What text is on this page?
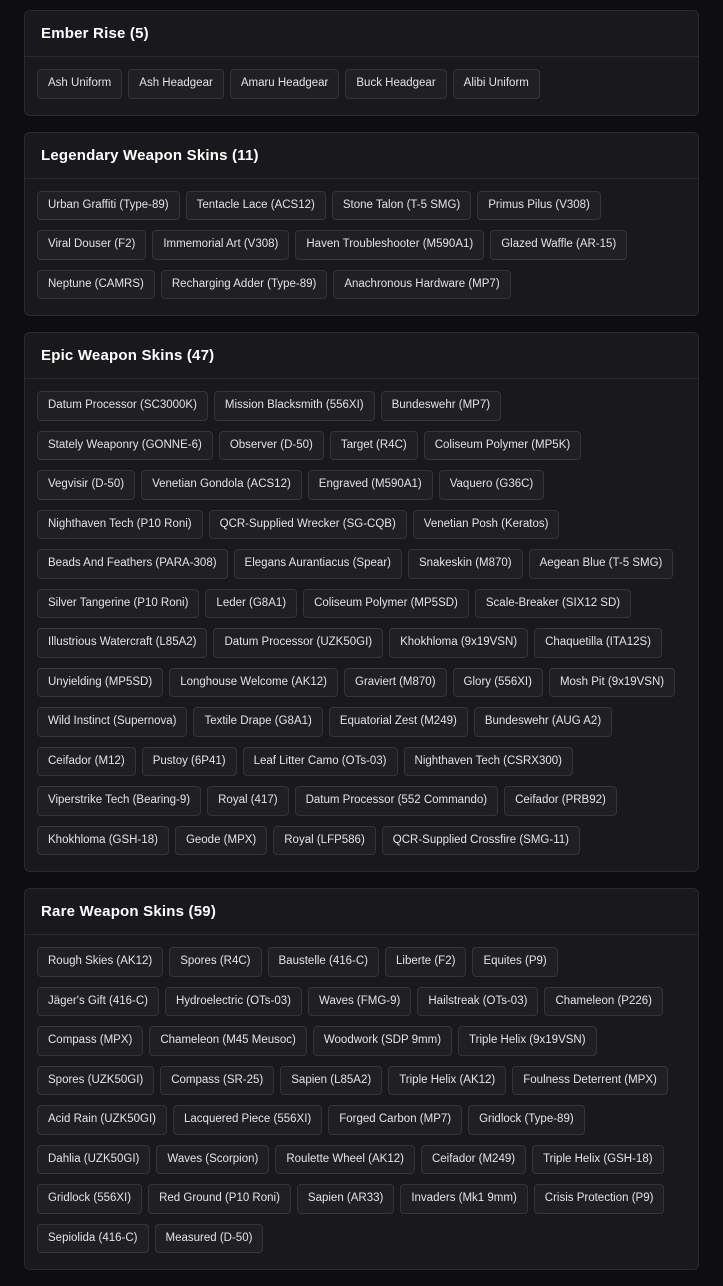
Ember Rise (5)
Ash Uniform	Ash Headgear	Amaru Headgear	Buck Headgear	Alibi Uniform
Legendary Weapon Skins (11)
Urban Graffiti (Type-89)	Tentacle Lace (ACS12)	Stone Talon (T-5 SMG)	Primus Pilus (V308)
Viral Douser (F2)	Immemorial Art (V308)	Haven Troubleshooter (M590A1)	Glazed Waffle (AR-15)
Neptune (CAMRS)	Recharging Adder (Type-89)	Anachronous Hardware (MP7)
Epic Weapon Skins (47)
Datum Processor (SC3000K)	Mission Blacksmith (556XI)	Bundeswehr (MP7)
Stately Weaponry (GONNE-6)	Observer (D-50)	Target (R4C)	Coliseum Polymer (MP5K)
Vegvisir (D-50)	Venetian Gondola (ACS12)	Engraved (M590A1)	Vaquero (G36C)
Nighthaven Tech (P10 Roni)	QCR-Supplied Wrecker (SG-CQB)	Venetian Posh (Keratos)
Beads And Feathers (PARA-308)	Elegans Aurantiacus (Spear)	Snakeskin (M870)	Aegean Blue (T-5 SMG)
Silver Tangerine (P10 Roni)	Leder (G8A1)	Coliseum Polymer (MP5SD)	Scale-Breaker (SIX12 SD)
Illustrious Watercraft (L85A2)	Datum Processor (UZK50GI)	Khokhloma (9x19VSN)	Chaquetilla (ITA12S)
Unyielding (MP5SD)	Longhouse Welcome (AK12)	Graviert (M870)	Glory (556XI)	Mosh Pit (9x19VSN)
Wild Instinct (Supernova)	Textile Drape (G8A1)	Equatorial Zest (M249)	Bundeswehr (AUG A2)
Ceifador (M12)	Pustoy (6P41)	Leaf Litter Camo (OTs-03)	Nighthaven Tech (CSRX300)
Viperstrike Tech (Bearing-9)	Royal (417)	Datum Processor (552 Commando)	Ceifador (PRB92)
Khokhloma (GSH-18)	Geode (MPX)	Royal (LFP586)	QCR-Supplied Crossfire (SMG-11)
Rare Weapon Skins (59)
Rough Skies (AK12)	Spores (R4C)	Baustelle (416-C)	Liberte (F2)	Equites (P9)
Jäger's Gift (416-C)	Hydroelectric (OTs-03)	Waves (FMG-9)	Hailstreak (OTs-03)	Chameleon (P226)
Compass (MPX)	Chameleon (M45 Meusoc)	Woodwork (SDP 9mm)	Triple Helix (9x19VSN)
Spores (UZK50GI)	Compass (SR-25)	Sapien (L85A2)	Triple Helix (AK12)	Foulness Deterrent (MPX)
Acid Rain (UZK50GI)	Lacquered Piece (556XI)	Forged Carbon (MP7)	Gridlock (Type-89)
Dahlia (UZK50GI)	Waves (Scorpion)	Roulette Wheel (AK12)	Ceifador (M249)	Triple Helix (GSH-18)
Gridlock (556XI)	Red Ground (P10 Roni)	Sapien (AR33)	Invaders (Mk1 9mm)	Crisis Protection (P9)
Sepiolida (416-C)	Measured (D-50)
